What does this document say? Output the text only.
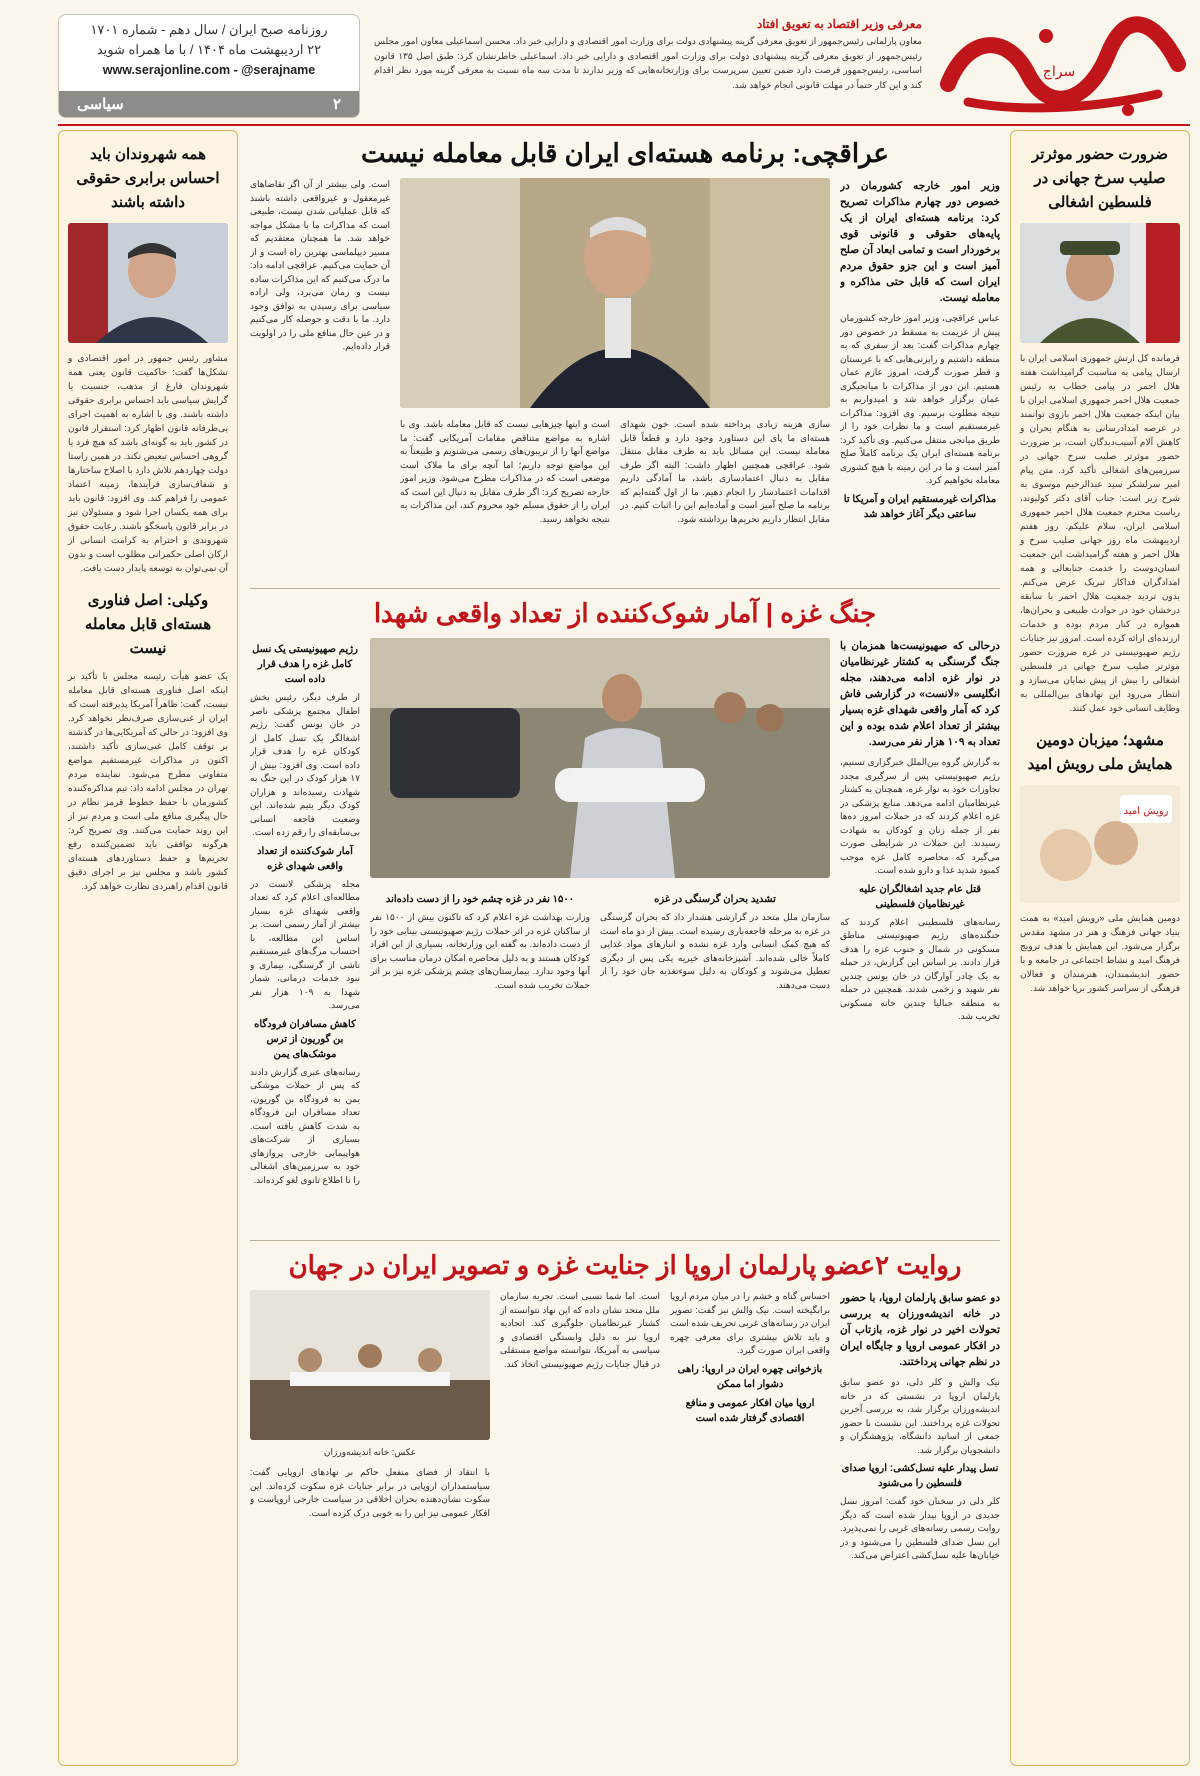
روزنامه صبح ایران / سال دهم - شماره ۱۷۰۱
۲۲ اردیبهشت ماه ۱۴۰۴ / با ما همراه شوید
www.serajonline.com - @serajname
۲
سیاسی
معرفی وزیر اقتصاد به تعویق افتاد
معاون پارلمانی رئیس‌جمهور از تعویق معرفی گزینه پیشنهادی دولت برای وزارت امور اقتصادی و دارایی خبر داد. محسن اسماعیلی معاون امور مجلس رئیس‌جمهور از تعویق معرفی گزینه پیشنهادی دولت برای وزارت امور اقتصادی و دارایی خبر داد. اسماعیلی خاطرنشان کرد: طبق اصل ۱۳۵ قانون اساسی، رئیس‌جمهور فرصت دارد ضمن تعیین سرپرست برای وزارتخانه‌هایی که وزیر ندارند تا مدت سه ماه نسبت به معرفی گزینه مورد نظر اقدام کند و این کار حتماً در مهلت قانونی انجام خواهد شد.
سراج
ضرورت حضور موثرتر صلیب سرخ جهانی در فلسطین اشغالی

فرمانده کل ارتش جمهوری اسلامی ایران با ارسال پیامی به مناسبت گرامیداشت هفته هلال احمر در پیامی خطاب به رئیس جمعیت هلال احمر جمهوری اسلامی ایران با بیان اینکه جمعیت هلال احمر بازوی توانمند در عرصه امدادرسانی به هنگام بحران و کاهش آلام آسیب‌دیدگان است، بر ضرورت حضور موثرتر صلیب سرخ جهانی در سرزمین‌های اشغالی تأکید کرد. متن پیام امیر سرلشکر سید عبدالرحیم موسوی به شرح زیر است: جناب آقای دکتر کولیوند، ریاست محترم جمعیت هلال احمر جمهوری اسلامی ایران، سلام علیکم. روز هفتم اردیبهشت ماه روز جهانی صلیب سرخ و هلال احمر و هفته گرامیداشت این جمعیت انسان‌دوست را خدمت جنابعالی و همه امدادگران فداکار تبریک عرض می‌کنم. بدون تردید جمعیت هلال احمر با سابقه درخشان خود در حوادث طبیعی و بحران‌ها، همواره در کنار مردم بوده و خدمات ارزنده‌ای ارائه کرده است. امروز نیز جنایات رژیم صهیونیستی در غزه ضرورت حضور موثرتر صلیب سرخ جهانی در فلسطین اشغالی را بیش از پیش نمایان می‌سازد و انتظار می‌رود این نهادهای بین‌المللی به وظایف انسانی خود عمل کنند.

مشهد؛ میزبان دومین همایش ملی رویش امید
رویش امید

دومین همایش ملی «رویش امید» به همت بنیاد جهانی فرهنگ و هنر در مشهد مقدس برگزار می‌شود. این همایش با هدف ترویج فرهنگ امید و نشاط اجتماعی در جامعه و با حضور اندیشمندان، هنرمندان و فعالان فرهنگی از سراسر کشور برپا خواهد شد.

همه شهروندان باید احساس برابری حقوقی داشته باشند

مشاور رئیس جمهور در امور اقتصادی و تشکل‌ها گفت: حاکمیت قانون یعنی همه شهروندان فارغ از مذهب، جنسیت یا گرایش سیاسی باید احساس برابری حقوقی داشته باشند. وی با اشاره به اهمیت اجرای بی‌طرفانه قانون اظهار کرد: استقرار قانون در کشور باید به گونه‌ای باشد که هیچ فرد یا گروهی احساس تبعیض نکند. در همین راستا دولت چهاردهم تلاش دارد با اصلاح ساختارها و شفاف‌سازی فرآیندها، زمینه اعتماد عمومی را فراهم کند. وی افزود: قانون باید برای همه یکسان اجرا شود و مسئولان نیز در برابر قانون پاسخگو باشند. رعایت حقوق شهروندی و احترام به کرامت انسانی از ارکان اصلی حکمرانی مطلوب است و بدون آن نمی‌توان به توسعه پایدار دست یافت.

وکیلی: اصل فناوری هسته‌ای قابل معامله نیست

یک عضو هیأت رئیسه مجلس با تأکید بر اینکه اصل فناوری هسته‌ای قابل معامله نیست، گفت: ظاهراً آمریکا پذیرفته است که ایران از غنی‌سازی صرف‌نظر نخواهد کرد. وی افزود: در حالی که آمریکایی‌ها در گذشته بر توقف کامل غنی‌سازی تأکید داشتند، اکنون در مذاکرات غیرمستقیم مواضع متفاوتی مطرح می‌شود. نماینده مردم تهران در مجلس ادامه داد: تیم مذاکره‌کننده کشورمان با حفظ خطوط قرمز نظام در حال پیگیری منافع ملی است و مردم نیز از این روند حمایت می‌کنند. وی تصریح کرد: هرگونه توافقی باید تضمین‌کننده رفع تحریم‌ها و حفظ دستاوردهای هسته‌ای کشور باشد و مجلس نیز بر اجرای دقیق قانون اقدام راهبردی نظارت خواهد کرد.

عراقچی: برنامه هسته‌ای ایران قابل معامله نیست
وزیر امور خارجه کشورمان در خصوص دور چهارم مذاکرات تصریح کرد: برنامه هسته‌ای ایران از یک پایه‌های حقوقی و قانونی قوی برخوردار است و تمامی ابعاد آن صلح آمیز است و این جزو حقوق مردم ایران است که قابل حتی مذاکره و معامله نیست.
عباس عراقچی، وزیر امور خارجه کشورمان پیش از عزیمت به مسقط در خصوص دور چهارم مذاکرات گفت: بعد از سفری که به منطقه داشتیم و رایزنی‌هایی که با عربستان و قطر صورت گرفت، امروز عازم عمان هستیم. این دور از مذاکرات با میانجیگری عمان برگزار خواهد شد و امیدواریم به نتیجه مطلوب برسیم. وی افزود: مذاکرات غیرمستقیم است و ما نظرات خود را از طریق میانجی منتقل می‌کنیم. وی تأکید کرد: برنامه هسته‌ای ایران یک برنامه کاملاً صلح آمیز است و ما در این زمینه با هیچ کشوری معامله نخواهیم کرد.
مذاکرات غیرمستقیم ایران و آمریکا تا ساعتی دیگر آغاز خواهد شد
است و اینها چیزهایی نیست که قابل معامله باشد. وی با اشاره به مواضع متناقض مقامات آمریکایی گفت: ما مواضع آنها را از تریبون‌های رسمی می‌شنویم و طبیعتاً به این مواضع توجه داریم؛ اما آنچه برای ما ملاک است موضعی است که در مذاکرات مطرح می‌شود. وزیر امور خارجه تصریح کرد: اگر طرف مقابل به دنبال این است که ایران را از حقوق مسلم خود محروم کند، این مذاکرات به نتیجه نخواهد رسید.
سازی هزینه زیادی پرداخته شده است. خون شهدای هسته‌ای ما پای این دستاورد وجود دارد و قطعاً قابل معامله نیست. این مسائل باید به طرف مقابل منتقل شود. عراقچی همچنین اظهار داشت: البته اگر طرف مقابل به دنبال اعتمادسازی باشد، ما آمادگی داریم اقدامات اعتمادساز را انجام دهیم. ما از اول گفته‌ایم که برنامه ما صلح آمیز است و آماده‌ایم این را اثبات کنیم. در مقابل انتظار داریم تحریم‌ها برداشته شود.
است. ولی بیشتر از آن اگر تقاضاهای غیرمعقول و غیرواقعی داشته باشند که قابل عملیاتی شدن نیست، طبیعی است که مذاکرات ما با مشکل مواجه خواهد شد. ما همچنان معتقدیم که مسیر دیپلماسی بهترین راه است و از آن حمایت می‌کنیم. عراقچی ادامه داد: ما درک می‌کنیم که این مذاکرات ساده نیست و زمان می‌برد، ولی اراده سیاسی برای رسیدن به توافق وجود دارد. ما با دقت و حوصله کار می‌کنیم و در عین حال منافع ملی را در اولویت قرار داده‌ایم.
جنگ غزه | آمار شوک‌کننده از تعداد واقعی شهدا
درحالی که صهیونیست‌ها همزمان با جنگ گرسنگی به کشتار غیرنظامیان در نوار غزه ادامه می‌دهند، مجله انگلیسی «لانست» در گزارشی فاش کرد که آمار واقعی شهدای غزه بسیار بیشتر از تعداد اعلام شده بوده و این تعداد به ۱۰۹ هزار نفر می‌رسد.
به گزارش گروه بین‌الملل خبرگزاری تسنیم، رژیم صهیونیستی پس از سرگیری مجدد تجاوزات خود به نوار غزه، همچنان به کشتار غیرنظامیان ادامه می‌دهد. منابع پزشکی در غزه اعلام کردند که در حملات امروز ده‌ها نفر از جمله زنان و کودکان به شهادت رسیدند. این حملات در شرایطی صورت می‌گیرد که محاصره کامل غزه موجب کمبود شدید غذا و دارو شده است.
قتل عام جدید اشغالگران علیه غیرنظامیان فلسطینی
رسانه‌های فلسطینی اعلام کردند که جنگنده‌های رژیم صهیونیستی مناطق مسکونی در شمال و جنوب غزه را هدف قرار دادند. بر اساس این گزارش، در حمله به یک چادر آوارگان در خان یونس چندین نفر شهید و زخمی شدند. همچنین در حمله به منطقه جبالیا چندین خانه مسکونی تخریب شد.
۱۵۰۰ نفر در غزه چشم خود را از دست داده‌اند
وزارت بهداشت غزه اعلام کرد که تاکنون بیش از ۱۵۰۰ نفر از ساکنان غزه در اثر حملات رژیم صهیونیستی بینایی خود را از دست داده‌اند. به گفته این وزارتخانه، بسیاری از این افراد کودکان هستند و به دلیل محاصره امکان درمان مناسب برای آنها وجود ندارد. بیمارستان‌های چشم پزشکی غزه نیز بر اثر حملات تخریب شده است.
تشدید بحران گرسنگی در غزه
سازمان ملل متحد در گزارشی هشدار داد که بحران گرسنگی در غزه به مرحله فاجعه‌باری رسیده است. بیش از دو ماه است که هیچ کمک انسانی وارد غزه نشده و انبارهای مواد غذایی کاملاً خالی شده‌اند. آشپزخانه‌های خیریه یکی پس از دیگری تعطیل می‌شوند و کودکان به دلیل سوءتغذیه جان خود را از دست می‌دهند.
رژیم صهیونیستی یک نسل کامل غزه را هدف قرار داده است
از طرف دیگر، رئیس بخش اطفال مجتمع پزشکی ناصر در خان یونس گفت: رژیم اشغالگر یک نسل کامل از کودکان غزه را هدف قرار داده است. وی افزود: بیش از ۱۷ هزار کودک در این جنگ به شهادت رسیده‌اند و هزاران کودک دیگر یتیم شده‌اند. این وضعیت فاجعه انسانی بی‌سابقه‌ای را رقم زده است.
آمار شوک‌کننده از تعداد واقعی شهدای غزه
مجله پزشکی لانست در مطالعه‌ای اعلام کرد که تعداد واقعی شهدای غزه بسیار بیشتر از آمار رسمی است. بر اساس این مطالعه، با احتساب مرگ‌های غیرمستقیم ناشی از گرسنگی، بیماری و نبود خدمات درمانی، شمار شهدا به ۱۰۹ هزار نفر می‌رسد.
کاهش مسافران فرودگاه بن گوریون از ترس موشک‌های یمن
رسانه‌های عبری گزارش دادند که پس از حملات موشکی یمن به فرودگاه بن گوریون، تعداد مسافران این فرودگاه به شدت کاهش یافته است. بسیاری از شرکت‌های هواپیمایی خارجی پروازهای خود به سرزمین‌های اشغالی را تا اطلاع ثانوی لغو کرده‌اند.
روایت ۲عضو پارلمان اروپا از جنایت غزه و تصویر ایران در جهان
دو عضو سابق پارلمان اروپا، با حضور در خانه اندیشه‌ورزان به بررسی تحولات اخیر در نوار غزه، بازتاب آن در افکار عمومی اروپا و جایگاه ایران در نظم جهانی پرداختند.
نیک والش و کلر دلی، دو عضو سابق پارلمان اروپا در نشستی که در خانه اندیشه‌ورزان برگزار شد، به بررسی آخرین تحولات غزه پرداختند. این نشست با حضور جمعی از اساتید دانشگاه، پژوهشگران و دانشجویان برگزار شد.
نسل پیدار علیه نسل‌کشی: اروپا صدای فلسطین را می‌شنود
کلر دلی در سخنان خود گفت: امروز نسل جدیدی در اروپا بیدار شده است که دیگر روایت رسمی رسانه‌های غربی را نمی‌پذیرد. این نسل صدای فلسطین را می‌شنود و در خیابان‌ها علیه نسل‌کشی اعتراض می‌کند.
احساس گناه و خشم را در میان مردم اروپا برانگیخته است. نیک والش نیز گفت: تصویر ایران در رسانه‌های غربی تحریف شده است و باید تلاش بیشتری برای معرفی چهره واقعی ایران صورت گیرد.
بازخوانی چهره ایران در اروپا: راهی دشوار اما ممکن
اروپا میان افکار عمومی و منافع اقتصادی گرفتار شده است
است. اما شما نسبی است. تجربه سازمان ملل متحد نشان داده که این نهاد نتوانسته از کشتار غیرنظامیان جلوگیری کند. اتحادیه اروپا نیز به دلیل وابستگی اقتصادی و سیاسی به آمریکا، نتوانسته مواضع مستقلی در قبال جنایات رژیم صهیونیستی اتخاذ کند.
عکس: خانه اندیشه‌ورزان
با انتقاد از فضای منفعل حاکم بر نهادهای اروپایی گفت: سیاستمداران اروپایی در برابر جنایات غزه سکوت کرده‌اند. این سکوت نشان‌دهنده بحران اخلاقی در سیاست خارجی اروپاست و افکار عمومی نیز این را به خوبی درک کرده است.
